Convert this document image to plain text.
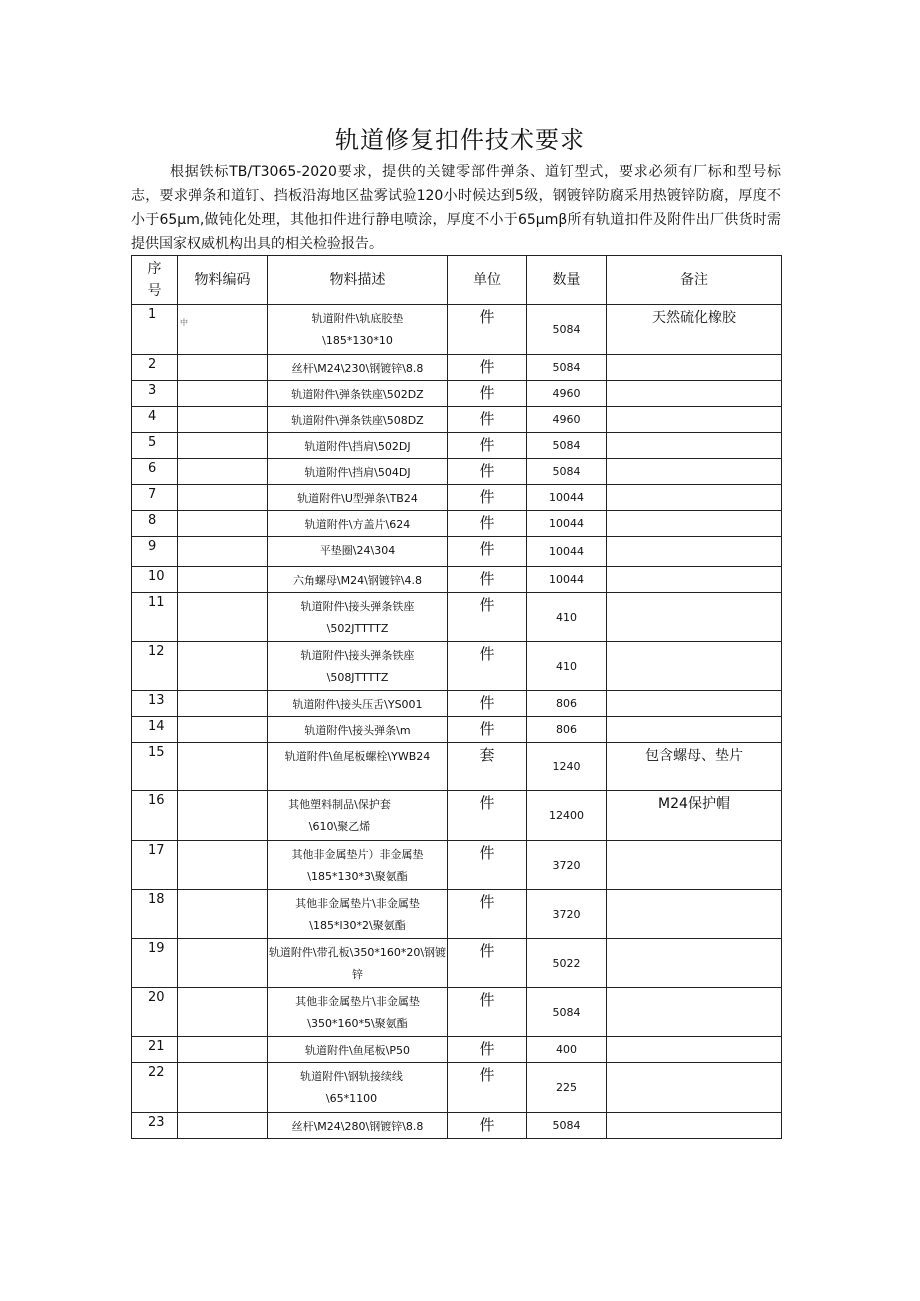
轨道修复扣件技术要求

根据铁标TB/T3065-2020要求，提供的关键零部件弹条、道钉型式，要求必须有厂标和型号标志，要求弹条和道钉、挡板沿海地区盐雾试验120小时候达到5级，钢镀锌防腐采用热镀锌防腐，厚度不小于65μm,做钝化处理，其他扣件进行静电喷涂，厚度不小于65μmβ所有轨道扣件及附件出厂供货时需提供国家权威机构出具的相关检验报告。

序号	物料编码	物料描述	单位	数量	备注
1	中	轨道附件\轨底胶垫\185*130*10	件	5084	天然硫化橡胶
2		丝杆\M24\230\钢镀锌\8.8	件	5084	
3		轨道附件\弹条铁座\502DZ	件	4960	
4		轨道附件\弹条铁座\508DZ	件	4960	
5		轨道附件\挡肩\502DJ	件	5084	
6		轨道附件\挡肩\504DJ	件	5084	
7		轨道附件\U型弹条\TB24	件	10044	
8		轨道附件\方盖片\624	件	10044	
9		平垫圈\24\304	件	10044	
10		六角螺母\M24\钢镀锌\4.8	件	10044	
11		轨道附件\接头弹条铁座\502JTTTTZ	件	410	
12		轨道附件\接头弹条铁座\508JTTTTZ	件	410	
13		轨道附件\接头压舌\YS001	件	806	
14		轨道附件\接头弹条\m	件	806	
15		轨道附件\鱼尾板螺栓\YWB24	套	1240	包含螺母、垫片
16		其他塑料制品\保护套\610\聚乙烯	件	12400	M24保护帽
17		其他非金属垫片）非金属垫\185*130*3\聚氨酯	件	3720	
18		其他非金属垫片\非金属垫\185*l30*2\聚氨酯	件	3720	
19		轨道附件\带孔板\350*160*20\钢镀锌	件	5022	
20		其他非金属垫片\非金属垫\350*160*5\聚氨酯	件	5084	
21		轨道附件\鱼尾板\P50	件	400	
22		轨道附件\钢轨接续线\65*1100	件	225	
23		丝杆\M24\280\钢镀锌\8.8	件	5084	
